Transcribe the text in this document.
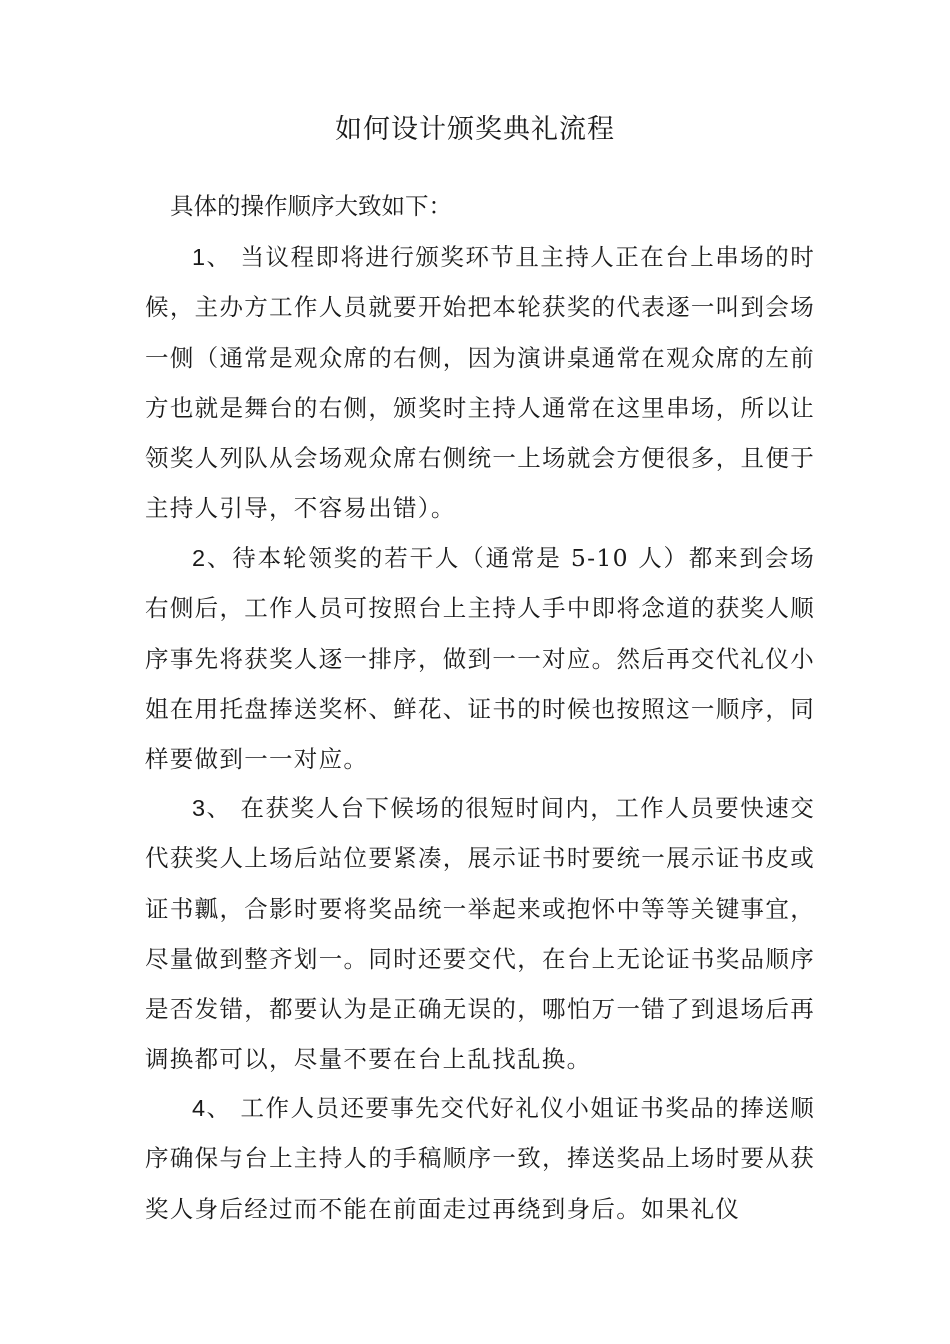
如何设计颁奖典礼流程

具体的操作顺序大致如下：

1、 当议程即将进行颁奖环节且主持人正在台上串场的时候，主办方工作人员就要开始把本轮获奖的代表逐一叫到会场一侧（通常是观众席的右侧，因为演讲桌通常在观众席的左前方也就是舞台的右侧，颁奖时主持人通常在这里串场，所以让领奖人列队从会场观众席右侧统一上场就会方便很多，且便于主持人引导，不容易出错）。

2、待本轮领奖的若干人（通常是 5-10 人）都来到会场右侧后，工作人员可按照台上主持人手中即将念道的获奖人顺序事先将获奖人逐一排序，做到一一对应。然后再交代礼仪小姐在用托盘捧送奖杯、鲜花、证书的时候也按照这一顺序，同样要做到一一对应。

3、 在获奖人台下候场的很短时间内，工作人员要快速交代获奖人上场后站位要紧凑，展示证书时要统一展示证书皮或证书瓤，合影时要将奖品统一举起来或抱怀中等等关键事宜，尽量做到整齐划一。同时还要交代，在台上无论证书奖品顺序是否发错，都要认为是正确无误的，哪怕万一错了到退场后再调换都可以，尽量不要在台上乱找乱换。

4、 工作人员还要事先交代好礼仪小姐证书奖品的捧送顺序确保与台上主持人的手稿顺序一致，捧送奖品上场时要从获奖人身后经过而不能在前面走过再绕到身后。如果礼仪
